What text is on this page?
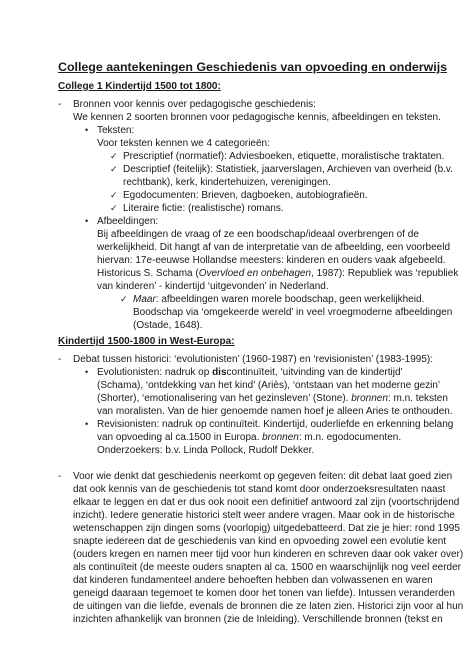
College aantekeningen Geschiedenis van opvoeding en onderwijs
College 1 Kindertijd 1500 tot 1800:
- Bronnen voor kennis over pedagogische geschiedenis:
We kennen 2 soorten bronnen voor pedagogische kennis, afbeeldingen en teksten.
• Teksten:
Voor teksten kennen we 4 categorieën:
✓ Prescriptief (normatief): Adviesboeken, etiquette, moralistische traktaten.
✓ Descriptief (feitelijk): Statistiek, jaarverslagen, Archieven van overheid (b.v.
rechtbank), kerk, kindertehuizen, verenigingen.
✓ Egodocumenten: Brieven, dagboeken, autobiografieën.
✓ Literaire fictie: (realistische) romans.
• Afbeeldingen:
Bij afbeeldingen de vraag of ze een boodschap/ideaal overbrengen of de
werkelijkheid. Dit hangt af van de interpretatie van de afbeelding, een voorbeeld
hiervan: 17e-eeuwse Hollandse meesters: kinderen en ouders vaak afgebeeld.
Historicus S. Schama (Overvloed en onbehagen, 1987): Republiek was ‘republiek
van kinderen’ - kindertijd ‘uitgevonden’ in Nederland.
✓ Maar: afbeeldingen waren morele boodschap, geen werkelijkheid.
Boodschap via ‘omgekeerde wereld’ in veel vroegmoderne afbeeldingen
(Ostade, 1648).
Kindertijd 1500-1800 in West-Europa:
- Debat tussen historici: ‘evolutionisten’ (1960-1987) en ‘revisionisten’ (1983-1995):
• Evolutionisten: nadruk op discontinuïteit, ‘uitvinding van de kindertijd’
(Schama), ‘ontdekking van het kind’ (Ariès), ‘ontstaan van het moderne gezin’
(Shorter), ‘emotionalisering van het gezinsleven’ (Stone). bronnen: m.n. teksten
van moralisten. Van de hier genoemde namen hoef je alleen Aries te onthouden.
• Revisionisten: nadruk op continuïteit. Kindertijd, ouderliefde en erkenning belang
van opvoeding al ca.1500 in Europa. bronnen: m.n. egodocumenten.
Onderzoekers: b.v. Linda Pollock, Rudolf Dekker.
- Voor wie denkt dat geschiedenis neerkomt op gegeven feiten: dit debat laat goed zien
dat ook kennis van de geschiedenis tot stand komt door onderzoeksresultaten naast
elkaar te leggen en dat er dus ook nooit een definitief antwoord zal zijn (voortschrijdend
inzicht). Iedere generatie historici stelt weer andere vragen. Maar ook in de historische
wetenschappen zijn dingen soms (voorlopig) uitgedebatteerd. Dat zie je hier: rond 1995
snapte iedereen dat de geschiedenis van kind en opvoeding zowel een evolutie kent
(ouders kregen en namen meer tijd voor hun kinderen en schreven daar ook vaker over)
als continuïteit (de meeste ouders snapten al ca. 1500 en waarschijnlijk nog veel eerder
dat kinderen fundamenteel andere behoeften hebben dan volwassenen en waren
geneigd daaraan tegemoet te komen door het tonen van liefde). Intussen veranderden
de uitingen van die liefde, evenals de bronnen die ze laten zien. Historici zijn voor al hun
inzichten afhankelijk van bronnen (zie de Inleiding). Verschillende bronnen (tekst en
